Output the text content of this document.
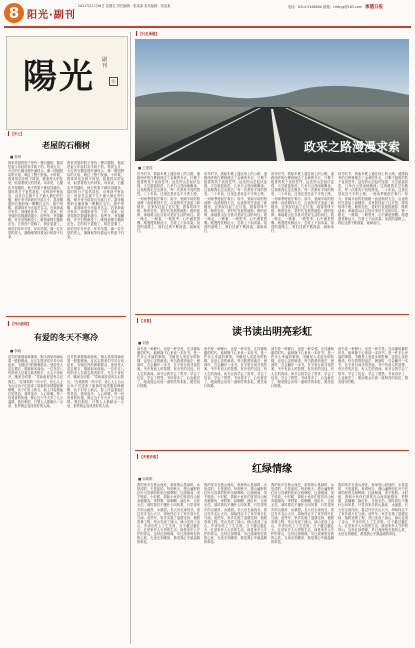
8 阳光·副刊
2021年11月26日 星期五 责任编辑：张某某 美术编辑：张某某	电话：0314-2468000 邮箱：cdrbyg@163.com 承德日报
陽光 副刊
印
【乡土】
老屋的石榴树
■ 张明
我家老屋的院子里有一棵石榴树，据说是祖父年轻时亲手栽下的。每到五月，火红的石榴花便开满枝头，像一团团燃烧的火焰，映红了整个院落。小时候，我常常站在树下仰望，数着枝头的花朵，盼望着秋天的到来。母亲说，石榴花开得越旺，秋天的果子就结得越多。那时的日子虽然清贫，可每到中秋前后，母亲总会摘下几个最大最红的石榴，掰开来分给我们兄妹几个。晶莹剔透的石榴籽像一颗颗红宝石，甜中带酸，那滋味至今还留在舌尖。后来我离开家乡，到城里读书、工作、成家，回老屋的次数越来越少。前些年，老屋翻修，许多旧物都没了，唯独那棵石榴树还在。它的枝干更粗了，树皮更皱了，却依旧年年开花，年年结果，像一位守望的老人，静静地等待着远行的游子归来。
我家老屋的院子里有一棵石榴树，据说是祖父年轻时亲手栽下的。每到五月，火红的石榴花便开满枝头，像一团团燃烧的火焰，映红了整个院落。小时候，我常常站在树下仰望，数着枝头的花朵，盼望着秋天的到来。母亲说，石榴花开得越旺，秋天的果子就结得越多。那时的日子虽然清贫，可每到中秋前后，母亲总会摘下几个最大最红的石榴，掰开来分给我们兄妹几个。晶莹剔透的石榴籽像一颗颗红宝石，甜中带酸，那滋味至今还留在舌尖。后来我离开家乡，到城里读书、工作、成家，回老屋的次数越来越少。前些年，老屋翻修，许多旧物都没了，唯独那棵石榴树还在。它的枝干更粗了，树皮更皱了，却依旧年年开花，年年结果，像一位守望的老人，静静地等待着远行的游子归来。
【外出热线】
有爱的冬天不寒冷
■ 李晓
初冬的承德寒意渐浓，街头巷尾却涌动着一股股暖流。社区志愿者们早早行动起来，为辖区内的困难群众、独居老人送去棉衣、棉被和米面油。一位年过八旬的老人拉着志愿者的手，久久不肯松开，嘴里念叨着：“党和政府没有忘记我们。”在城郊的一所小学，爱心人士为山区孩子们送来了崭新的羽绒服和保暖靴，孩子们穿上新衣，脸上洋溢着灿烂的笑容。寒风虽冷，人心却暖。每一份善意的传递，都让这个冬天多了几分温情。我们相信，只要人人都献出一点爱，世界就会变成美好的人间。
初冬的承德寒意渐浓，街头巷尾却涌动着一股股暖流。社区志愿者们早早行动起来，为辖区内的困难群众、独居老人送去棉衣、棉被和米面油。一位年过八旬的老人拉着志愿者的手，久久不肯松开，嘴里念叨着：“党和政府没有忘记我们。”在城郊的一所小学，爱心人士为山区孩子们送来了崭新的羽绒服和保暖靴，孩子们穿上新衣，脸上洋溢着灿烂的笑容。寒风虽冷，人心却暖。每一份善意的传递，都让这个冬天多了几分温情。我们相信，只要人人都献出一点爱，世界就会变成美好的人间。
【行走承德】
政采之路漫漫求索
■ 王建国
初冬时节，我驱车驶上通往坝上的公路。道路两旁的白桦林褪去了金黄的外衣，只剩下挺拔的枝干直指苍穹。远处的山峦起伏连绵，天空湛蓝如洗，几朵白云悠闲地飘荡。这条路我走过无数次，每一次都有不同的感受。二十年前，这里还是坑洼不平的土路，一到雨季便泥泞难行；如今，宽阔平坦的柏油路一直延伸到天边，沿途的村庄盖起了新楼房，农家院挂起了红灯笼，游客络绎不绝。路的变化，是时代发展的缩影；路的延伸，承载着山区百姓对美好生活的向往。我一路走，一路看，一路思考，心中满是感慨。路漫漫其修远兮，吾将上下而求索。前进的道路上，我们还需不断探索，砥砺前行。
初冬时节，我驱车驶上通往坝上的公路。道路两旁的白桦林褪去了金黄的外衣，只剩下挺拔的枝干直指苍穹。远处的山峦起伏连绵，天空湛蓝如洗，几朵白云悠闲地飘荡。这条路我走过无数次，每一次都有不同的感受。二十年前，这里还是坑洼不平的土路，一到雨季便泥泞难行；如今，宽阔平坦的柏油路一直延伸到天边，沿途的村庄盖起了新楼房，农家院挂起了红灯笼，游客络绎不绝。路的变化，是时代发展的缩影；路的延伸，承载着山区百姓对美好生活的向往。我一路走，一路看，一路思考，心中满是感慨。路漫漫其修远兮，吾将上下而求索。前进的道路上，我们还需不断探索，砥砺前行。
初冬时节，我驱车驶上通往坝上的公路。道路两旁的白桦林褪去了金黄的外衣，只剩下挺拔的枝干直指苍穹。远处的山峦起伏连绵，天空湛蓝如洗，几朵白云悠闲地飘荡。这条路我走过无数次，每一次都有不同的感受。二十年前，这里还是坑洼不平的土路，一到雨季便泥泞难行；如今，宽阔平坦的柏油路一直延伸到天边，沿途的村庄盖起了新楼房，农家院挂起了红灯笼，游客络绎不绝。路的变化，是时代发展的缩影；路的延伸，承载着山区百姓对美好生活的向往。我一路走，一路看，一路思考，心中满是感慨。路漫漫其修远兮，吾将上下而求索。前进的道路上，我们还需不断探索，砥砺前行。
初冬时节，我驱车驶上通往坝上的公路。道路两旁的白桦林褪去了金黄的外衣，只剩下挺拔的枝干直指苍穹。远处的山峦起伏连绵，天空湛蓝如洗，几朵白云悠闲地飘荡。这条路我走过无数次，每一次都有不同的感受。二十年前，这里还是坑洼不平的土路，一到雨季便泥泞难行；如今，宽阔平坦的柏油路一直延伸到天边，沿途的村庄盖起了新楼房，农家院挂起了红灯笼，游客络绎不绝。路的变化，是时代发展的缩影；路的延伸，承载着山区百姓对美好生活的向往。我一路走，一路看，一路思考，心中满是感慨。路漫漫其修远兮，吾将上下而求索。前进的道路上，我们还需不断探索，砥砺前行。
【书香】
读书读出明亮彩虹
■ 刘燕
读书是一种修行，也是一种享受。在浮躁喧嚣的时代，能够静下心来读一本好书，是一件多么幸福的事情。书籍是人类进步的阶梯，也是心灵的港湾。每当我感到迷茫、困惑时，总会翻开一本书，在字里行间寻找答案。书中有前人的智慧，有历史的沉淀，有人生的真谛。读书让我学会了思考，学会了包容，学会了感恩。书读得多了，心也就亮了，眼前便会出现一道明亮的彩虹，照亮前行的路。
读书是一种修行，也是一种享受。在浮躁喧嚣的时代，能够静下心来读一本好书，是一件多么幸福的事情。书籍是人类进步的阶梯，也是心灵的港湾。每当我感到迷茫、困惑时，总会翻开一本书，在字里行间寻找答案。书中有前人的智慧，有历史的沉淀，有人生的真谛。读书让我学会了思考，学会了包容，学会了感恩。书读得多了，心也就亮了，眼前便会出现一道明亮的彩虹，照亮前行的路。
读书是一种修行，也是一种享受。在浮躁喧嚣的时代，能够静下心来读一本好书，是一件多么幸福的事情。书籍是人类进步的阶梯，也是心灵的港湾。每当我感到迷茫、困惑时，总会翻开一本书，在字里行间寻找答案。书中有前人的智慧，有历史的沉淀，有人生的真谛。读书让我学会了思考，学会了包容，学会了感恩。书读得多了，心也就亮了，眼前便会出现一道明亮的彩虹，照亮前行的路。
读书是一种修行，也是一种享受。在浮躁喧嚣的时代，能够静下心来读一本好书，是一件多么幸福的事情。书籍是人类进步的阶梯，也是心灵的港湾。每当我感到迷茫、困惑时，总会翻开一本书，在字里行间寻找答案。书中有前人的智慧，有历史的沉淀，有人生的真谛。读书让我学会了思考，学会了包容，学会了感恩。书读得多了，心也就亮了，眼前便会出现一道明亮的彩虹，照亮前行的路。
【乡愁乡韵】
红绿情缘
■ 孙晓明
我的家乡在燕山深处，那里的山是绿的，水是清的，天是蓝的。每到秋天，漫山遍野的红叶与苍翠的松柏交相辉映，红绿相间，美不胜收。小时候，我和小伙伴们常常在山间奔跑嬉戏，采野果、捉蝈蝈、摘红叶，无忧无虑。那时我们不懂什么叫风景，只觉得家乡的山最高、水最甜。长大后走南闯北，看过许多名山大川，却始终忘不了家乡那片红与绿。前些年，家乡实施了退耕还林、植树造林工程，荒山变成了绿山，绿山变成了金山，乡亲们吃上了生态饭，日子越过越红火。红是家乡人火热的生活，绿是家乡人守护的青山。这份红绿情缘，早已深深刻在我的心底，无论走到哪里，都是我心中最温暖的牵挂。
我的家乡在燕山深处，那里的山是绿的，水是清的，天是蓝的。每到秋天，漫山遍野的红叶与苍翠的松柏交相辉映，红绿相间，美不胜收。小时候，我和小伙伴们常常在山间奔跑嬉戏，采野果、捉蝈蝈、摘红叶，无忧无虑。那时我们不懂什么叫风景，只觉得家乡的山最高、水最甜。长大后走南闯北，看过许多名山大川，却始终忘不了家乡那片红与绿。前些年，家乡实施了退耕还林、植树造林工程，荒山变成了绿山，绿山变成了金山，乡亲们吃上了生态饭，日子越过越红火。红是家乡人火热的生活，绿是家乡人守护的青山。这份红绿情缘，早已深深刻在我的心底，无论走到哪里，都是我心中最温暖的牵挂。
我的家乡在燕山深处，那里的山是绿的，水是清的，天是蓝的。每到秋天，漫山遍野的红叶与苍翠的松柏交相辉映，红绿相间，美不胜收。小时候，我和小伙伴们常常在山间奔跑嬉戏，采野果、捉蝈蝈、摘红叶，无忧无虑。那时我们不懂什么叫风景，只觉得家乡的山最高、水最甜。长大后走南闯北，看过许多名山大川，却始终忘不了家乡那片红与绿。前些年，家乡实施了退耕还林、植树造林工程，荒山变成了绿山，绿山变成了金山，乡亲们吃上了生态饭，日子越过越红火。红是家乡人火热的生活，绿是家乡人守护的青山。这份红绿情缘，早已深深刻在我的心底，无论走到哪里，都是我心中最温暖的牵挂。
我的家乡在燕山深处，那里的山是绿的，水是清的，天是蓝的。每到秋天，漫山遍野的红叶与苍翠的松柏交相辉映，红绿相间，美不胜收。小时候，我和小伙伴们常常在山间奔跑嬉戏，采野果、捉蝈蝈、摘红叶，无忧无虑。那时我们不懂什么叫风景，只觉得家乡的山最高、水最甜。长大后走南闯北，看过许多名山大川，却始终忘不了家乡那片红与绿。前些年，家乡实施了退耕还林、植树造林工程，荒山变成了绿山，绿山变成了金山，乡亲们吃上了生态饭，日子越过越红火。红是家乡人火热的生活，绿是家乡人守护的青山。这份红绿情缘，早已深深刻在我的心底，无论走到哪里，都是我心中最温暖的牵挂。
